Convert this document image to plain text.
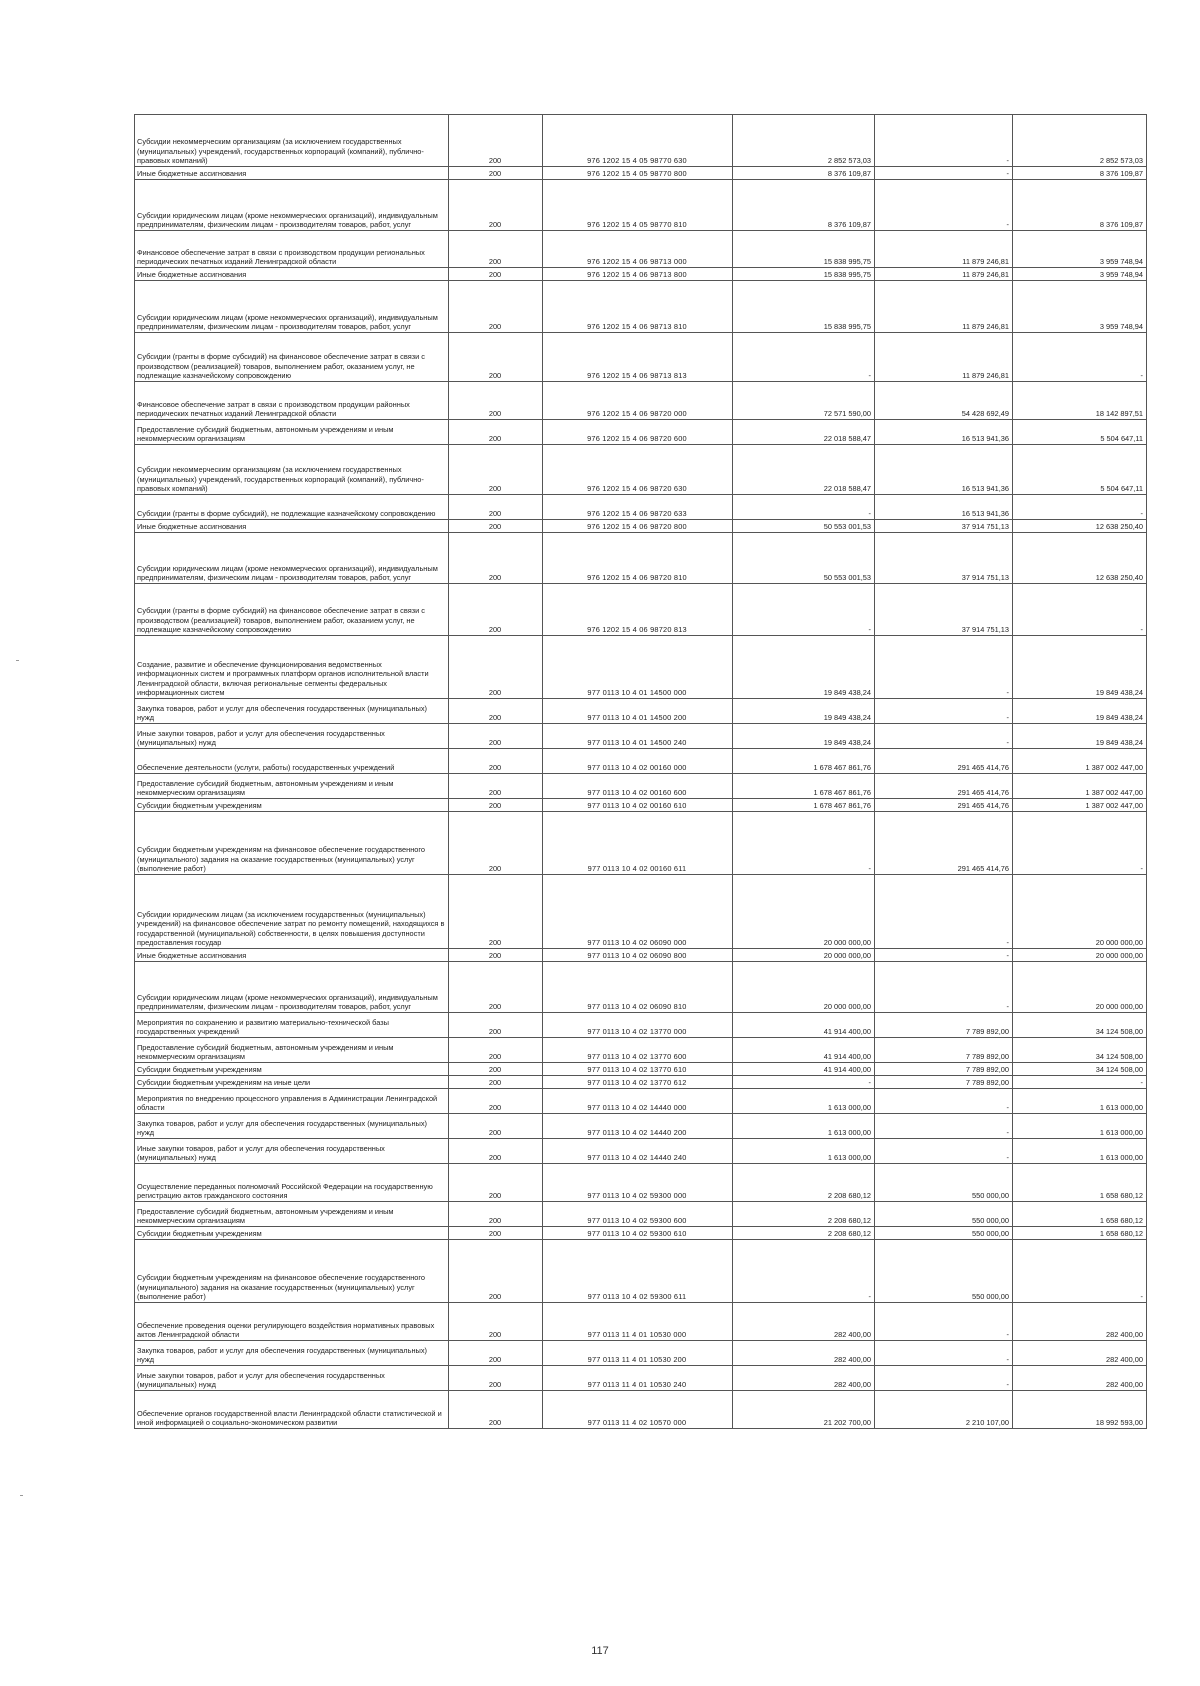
Субсидии некоммерческим организациям (за исключением государственных (муниципальных) учреждений, государственных корпораций (компаний), публично-правовых компаний)	200	976 1202 15 4 05 98770 630	2 852 573,03	-	2 852 573,03
Иные бюджетные ассигнования	200	976 1202 15 4 05 98770 800	8 376 109,87	-	8 376 109,87
Субсидии юридическим лицам (кроме некоммерческих организаций), индивидуальным предпринимателям, физическим лицам - производителям товаров, работ, услуг	200	976 1202 15 4 05 98770 810	8 376 109,87	-	8 376 109,87
Финансовое обеспечение затрат в связи с производством продукции региональных периодических печатных изданий Ленинградской области	200	976 1202 15 4 06 98713 000	15 838 995,75	11 879 246,81	3 959 748,94
Иные бюджетные ассигнования	200	976 1202 15 4 06 98713 800	15 838 995,75	11 879 246,81	3 959 748,94
Субсидии юридическим лицам (кроме некоммерческих организаций), индивидуальным предпринимателям, физическим лицам - производителям товаров, работ, услуг	200	976 1202 15 4 06 98713 810	15 838 995,75	11 879 246,81	3 959 748,94
Субсидии (гранты в форме субсидий) на финансовое обеспечение затрат в связи с производством (реализацией) товаров, выполнением работ, оказанием услуг, не подлежащие казначейскому сопровождению	200	976 1202 15 4 06 98713 813	-	11 879 246,81	-
Финансовое обеспечение затрат в связи с производством продукции районных периодических печатных изданий Ленинградской области	200	976 1202 15 4 06 98720 000	72 571 590,00	54 428 692,49	18 142 897,51
Предоставление субсидий бюджетным, автономным учреждениям и иным некоммерческим организациям	200	976 1202 15 4 06 98720 600	22 018 588,47	16 513 941,36	5 504 647,11
Субсидии некоммерческим организациям (за исключением государственных (муниципальных) учреждений, государственных корпораций (компаний), публично-правовых компаний)	200	976 1202 15 4 06 98720 630	22 018 588,47	16 513 941,36	5 504 647,11
Субсидии (гранты в форме субсидий), не подлежащие казначейскому сопровождению	200	976 1202 15 4 06 98720 633	-	16 513 941,36	-
Иные бюджетные ассигнования	200	976 1202 15 4 06 98720 800	50 553 001,53	37 914 751,13	12 638 250,40
Субсидии юридическим лицам (кроме некоммерческих организаций), индивидуальным предпринимателям, физическим лицам - производителям товаров, работ, услуг	200	976 1202 15 4 06 98720 810	50 553 001,53	37 914 751,13	12 638 250,40
Субсидии (гранты в форме субсидий) на финансовое обеспечение затрат в связи с производством (реализацией) товаров, выполнением работ, оказанием услуг, не подлежащие казначейскому сопровождению	200	976 1202 15 4 06 98720 813	-	37 914 751,13	-
Создание, развитие и обеспечение функционирования ведомственных информационных систем и программных платформ органов исполнительной власти Ленинградской области, включая региональные сегменты федеральных информационных систем	200	977 0113 10 4 01 14500 000	19 849 438,24	-	19 849 438,24
Закупка товаров, работ и услуг для обеспечения государственных (муниципальных) нужд	200	977 0113 10 4 01 14500 200	19 849 438,24	-	19 849 438,24
Иные закупки товаров, работ и услуг для обеспечения государственных (муниципальных) нужд	200	977 0113 10 4 01 14500 240	19 849 438,24	-	19 849 438,24
Обеспечение деятельности (услуги, работы) государственных учреждений	200	977 0113 10 4 02 00160 000	1 678 467 861,76	291 465 414,76	1 387 002 447,00
Предоставление субсидий бюджетным, автономным учреждениям и иным некоммерческим организациям	200	977 0113 10 4 02 00160 600	1 678 467 861,76	291 465 414,76	1 387 002 447,00
Субсидии бюджетным учреждениям	200	977 0113 10 4 02 00160 610	1 678 467 861,76	291 465 414,76	1 387 002 447,00
Субсидии бюджетным учреждениям на финансовое обеспечение государственного (муниципального) задания на оказание государственных (муниципальных) услуг (выполнение работ)	200	977 0113 10 4 02 00160 611	-	291 465 414,76	-
Субсидии юридическим лицам (за исключением государственных (муниципальных) учреждений) на финансовое обеспечение затрат по ремонту помещений, находящихся в государственной (муниципальной) собственности, в целях повышения доступности предоставления государ	200	977 0113 10 4 02 06090 000	20 000 000,00	-	20 000 000,00
Иные бюджетные ассигнования	200	977 0113 10 4 02 06090 800	20 000 000,00	-	20 000 000,00
Субсидии юридическим лицам (кроме некоммерческих организаций), индивидуальным предпринимателям, физическим лицам - производителям товаров, работ, услуг	200	977 0113 10 4 02 06090 810	20 000 000,00	-	20 000 000,00
Мероприятия по сохранению и развитию материально-технической базы государственных учреждений	200	977 0113 10 4 02 13770 000	41 914 400,00	7 789 892,00	34 124 508,00
Предоставление субсидий бюджетным, автономным учреждениям и иным некоммерческим организациям	200	977 0113 10 4 02 13770 600	41 914 400,00	7 789 892,00	34 124 508,00
Субсидии бюджетным учреждениям	200	977 0113 10 4 02 13770 610	41 914 400,00	7 789 892,00	34 124 508,00
Субсидии бюджетным учреждениям на иные цели	200	977 0113 10 4 02 13770 612	-	7 789 892,00	-
Мероприятия по внедрению процессного управления в Администрации Ленинградской области	200	977 0113 10 4 02 14440 000	1 613 000,00	-	1 613 000,00
Закупка товаров, работ и услуг для обеспечения государственных (муниципальных) нужд	200	977 0113 10 4 02 14440 200	1 613 000,00	-	1 613 000,00
Иные закупки товаров, работ и услуг для обеспечения государственных (муниципальных) нужд	200	977 0113 10 4 02 14440 240	1 613 000,00	-	1 613 000,00
Осуществление переданных полномочий Российской Федерации на государственную регистрацию актов гражданского состояния	200	977 0113 10 4 02 59300 000	2 208 680,12	550 000,00	1 658 680,12
Предоставление субсидий бюджетным, автономным учреждениям и иным некоммерческим организациям	200	977 0113 10 4 02 59300 600	2 208 680,12	550 000,00	1 658 680,12
Субсидии бюджетным учреждениям	200	977 0113 10 4 02 59300 610	2 208 680,12	550 000,00	1 658 680,12
Субсидии бюджетным учреждениям на финансовое обеспечение государственного (муниципального) задания на оказание государственных (муниципальных) услуг (выполнение работ)	200	977 0113 10 4 02 59300 611	-	550 000,00	-
Обеспечение проведения оценки регулирующего воздействия нормативных правовых актов Ленинградской области	200	977 0113 11 4 01 10530 000	282 400,00	-	282 400,00
Закупка товаров, работ и услуг для обеспечения государственных (муниципальных) нужд	200	977 0113 11 4 01 10530 200	282 400,00	-	282 400,00
Иные закупки товаров, работ и услуг для обеспечения государственных (муниципальных) нужд	200	977 0113 11 4 01 10530 240	282 400,00	-	282 400,00
Обеспечение органов государственной власти Ленинградской области статистической и иной информацией о социально-экономическом развитии	200	977 0113 11 4 02 10570 000	21 202 700,00	2 210 107,00	18 992 593,00
117
